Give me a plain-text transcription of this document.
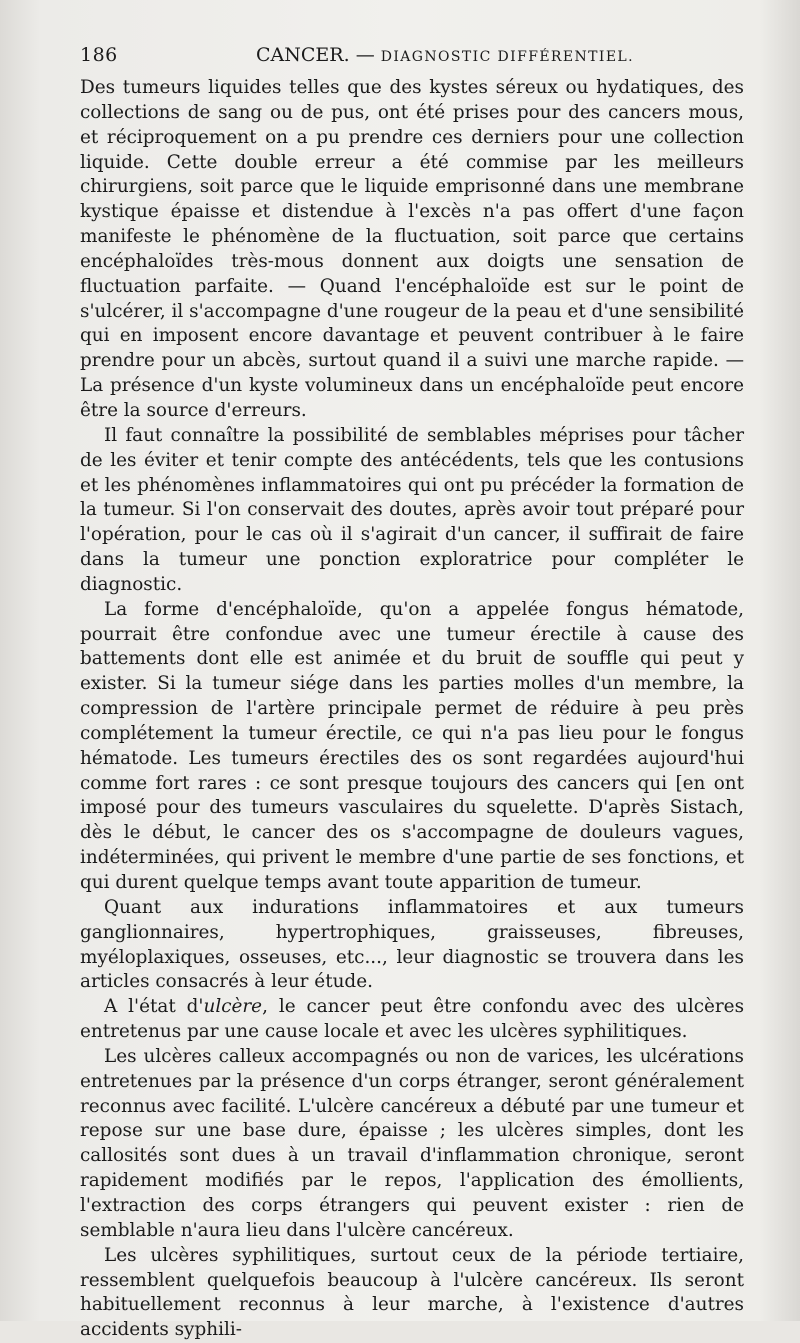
186	CANCER. — DIAGNOSTIC DIFFÉRENTIEL.

Des tumeurs liquides telles que des kystes séreux ou hydatiques, des collections de sang ou de pus, ont été prises pour des cancers mous, et réciproquement on a pu prendre ces derniers pour une collection liquide. Cette double erreur a été commise par les meilleurs chirurgiens, soit parce que le liquide emprisonné dans une membrane kystique épaisse et distendue à l'excès n'a pas offert d'une façon manifeste le phénomène de la fluctuation, soit parce que certains encéphaloïdes très-mous donnent aux doigts une sensation de fluctuation parfaite. — Quand l'encéphaloïde est sur le point de s'ulcérer, il s'accompagne d'une rougeur de la peau et d'une sensibilité qui en imposent encore davantage et peuvent contribuer à le faire prendre pour un abcès, surtout quand il a suivi une marche rapide. — La présence d'un kyste volumineux dans un encéphaloïde peut encore être la source d'erreurs.

Il faut connaître la possibilité de semblables méprises pour tâcher de les éviter et tenir compte des antécédents, tels que les contusions et les phénomènes inflammatoires qui ont pu précéder la formation de la tumeur. Si l'on conservait des doutes, après avoir tout préparé pour l'opération, pour le cas où il s'agirait d'un cancer, il suffirait de faire dans la tumeur une ponction exploratrice pour compléter le diagnostic.

La forme d'encéphaloïde, qu'on a appelée fongus hématode, pourrait être confondue avec une tumeur érectile à cause des battements dont elle est animée et du bruit de souffle qui peut y exister. Si la tumeur siége dans les parties molles d'un membre, la compression de l'artère principale permet de réduire à peu près complétement la tumeur érectile, ce qui n'a pas lieu pour le fongus hématode. Les tumeurs érectiles des os sont regardées aujourd'hui comme fort rares : ce sont presque toujours des cancers qui [en ont imposé pour des tumeurs vasculaires du squelette. D'après Sistach, dès le début, le cancer des os s'accompagne de douleurs vagues, indéterminées, qui privent le membre d'une partie de ses fonctions, et qui durent quelque temps avant toute apparition de tumeur.

Quant aux indurations inflammatoires et aux tumeurs ganglionnaires, hypertrophiques, graisseuses, fibreuses, myéloplaxiques, osseuses, etc..., leur diagnostic se trouvera dans les articles consacrés à leur étude.

A l'état d'ulcère, le cancer peut être confondu avec des ulcères entretenus par une cause locale et avec les ulcères syphilitiques.

Les ulcères calleux accompagnés ou non de varices, les ulcérations entretenues par la présence d'un corps étranger, seront généralement reconnus avec facilité. L'ulcère cancéreux a débuté par une tumeur et repose sur une base dure, épaisse ; les ulcères simples, dont les callosités sont dues à un travail d'inflammation chronique, seront rapidement modifiés par le repos, l'application des émollients, l'extraction des corps étrangers qui peuvent exister : rien de semblable n'aura lieu dans l'ulcère cancéreux.

Les ulcères syphilitiques, surtout ceux de la période tertiaire, ressemblent quelquefois beaucoup à l'ulcère cancéreux. Ils seront habituellement reconnus à leur marche, à l'existence d'autres accidents syphili-
